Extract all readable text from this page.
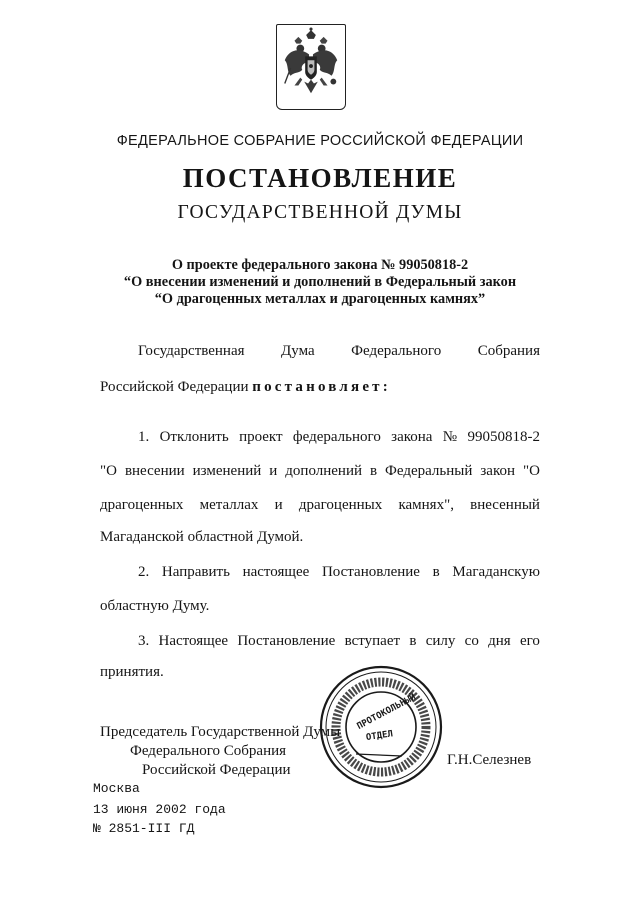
ФЕДЕРАЛЬНОЕ СОБРАНИЕ РОССИЙСКОЙ ФЕДЕРАЦИИ
ПОСТАНОВЛЕНИЕ
ГОСУДАРСТВЕННОЙ ДУМЫ
О проекте федерального закона № 99050818-2
“О внесении изменений и дополнений в Федеральный закон
“О драгоценных металлах и драгоценных камнях”
Государственная Дума Федерального Собрания
Российской Федерации постановляет:
1. Отклонить проект федерального закона № 99050818-2
"О внесении изменений и дополнений в Федеральный закон "О
драгоценных металлах и драгоценных камнях", внесенный
Магаданской областной Думой.
2. Направить настоящее Постановление в Магаданскую
областную Думу.
3. Настоящее Постановление вступает в силу со дня его
принятия.
Председатель Государственной Думы
Федерального Собрания
Российской Федерации
Г.Н.Селезнев
ПРОТОКОЛЬНЫЙ
ОТДЕЛ
Москва
13 июня 2002 года
№ 2851-III ГД
